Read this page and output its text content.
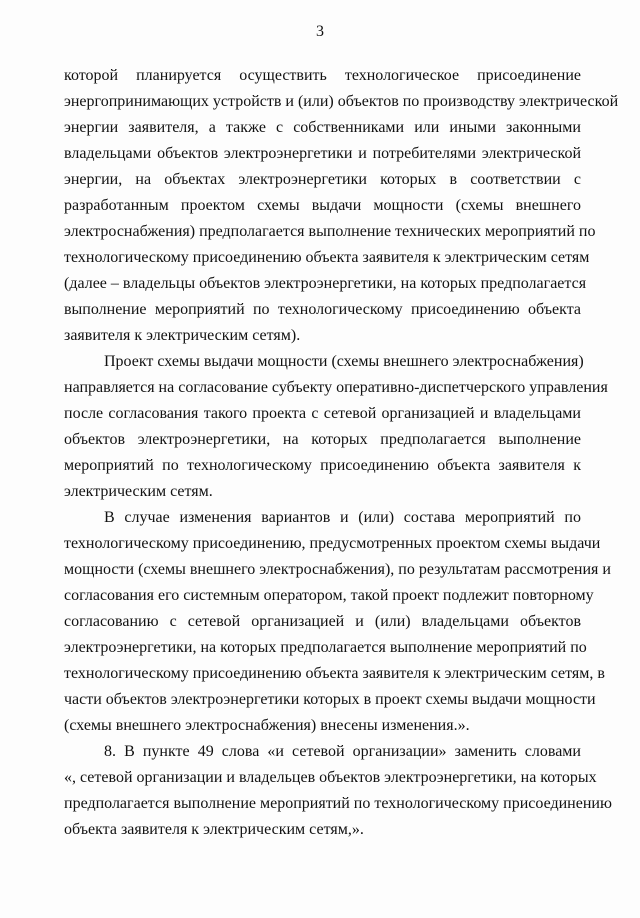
3
которой планируется осуществить технологическое присоединение
энергопринимающих устройств и (или) объектов по производству электрической
энергии заявителя, а также с собственниками или иными законными
владельцами объектов электроэнергетики и потребителями электрической
энергии, на объектах электроэнергетики которых в соответствии с
разработанным проектом схемы выдачи мощности (схемы внешнего
электроснабжения) предполагается выполнение технических мероприятий по
технологическому присоединению объекта заявителя к электрическим сетям
(далее – владельцы объектов электроэнергетики, на которых предполагается
выполнение мероприятий по технологическому присоединению объекта
заявителя к электрическим сетям).
Проект схемы выдачи мощности (схемы внешнего электроснабжения)
направляется на согласование субъекту оперативно-диспетчерского управления
после согласования такого проекта с сетевой организацией и владельцами
объектов электроэнергетики, на которых предполагается выполнение
мероприятий по технологическому присоединению объекта заявителя к
электрическим сетям.
В случае изменения вариантов и (или) состава мероприятий по
технологическому присоединению, предусмотренных проектом схемы выдачи
мощности (схемы внешнего электроснабжения), по результатам рассмотрения и
согласования его системным оператором, такой проект подлежит повторному
согласованию с сетевой организацией и (или) владельцами объектов
электроэнергетики, на которых предполагается выполнение мероприятий по
технологическому присоединению объекта заявителя к электрическим сетям, в
части объектов электроэнергетики которых в проект схемы выдачи мощности
(схемы внешнего электроснабжения) внесены изменения.».
8. В пункте 49 слова «и сетевой организации» заменить словами
«, сетевой организации и владельцев объектов электроэнергетики, на которых
предполагается выполнение мероприятий по технологическому присоединению
объекта заявителя к электрическим сетям,».
